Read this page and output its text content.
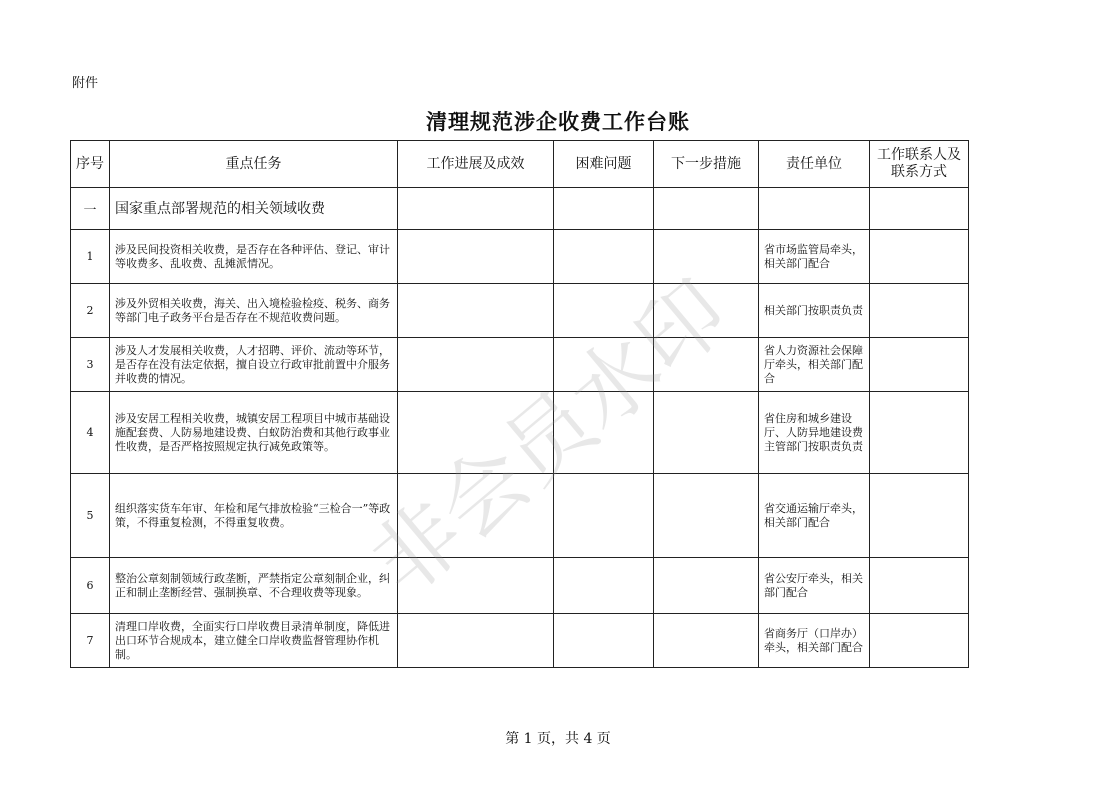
附件
清理规范涉企收费工作台账
序号	重点任务	工作进展及成效	困难问题	下一步措施	责任单位	工作联系人及联系方式
一	国家重点部署规范的相关领域收费					
1	涉及民间投资相关收费，是否存在各种评估、登记、审计等收费多、乱收费、乱摊派情况。				省市场监管局牵头，相关部门配合	
2	涉及外贸相关收费，海关、出入境检验检疫、税务、商务等部门电子政务平台是否存在不规范收费问题。				相关部门按职责负责	
3	涉及人才发展相关收费，人才招聘、评价、流动等环节，是否存在没有法定依据，擅自设立行政审批前置中介服务并收费的情况。				省人力资源社会保障厅牵头，相关部门配合	
4	涉及安居工程相关收费，城镇安居工程项目中城市基础设施配套费、人防易地建设费、白蚁防治费和其他行政事业性收费，是否严格按照规定执行减免政策等。				省住房和城乡建设厅、人防异地建设费主管部门按职责负责	
5	组织落实货车年审、年检和尾气排放检验“三检合一”等政策，不得重复检测，不得重复收费。				省交通运输厅牵头，相关部门配合	
6	整治公章刻制领域行政垄断，严禁指定公章刻制企业，纠正和制止垄断经营、强制换章、不合理收费等现象。				省公安厅牵头，相关部门配合	
7	清理口岸收费，全面实行口岸收费目录清单制度，降低进出口环节合规成本，建立健全口岸收费监督管理协作机制。				省商务厅（口岸办）牵头，相关部门配合	
非会员水印
第 1 页，共 4 页
